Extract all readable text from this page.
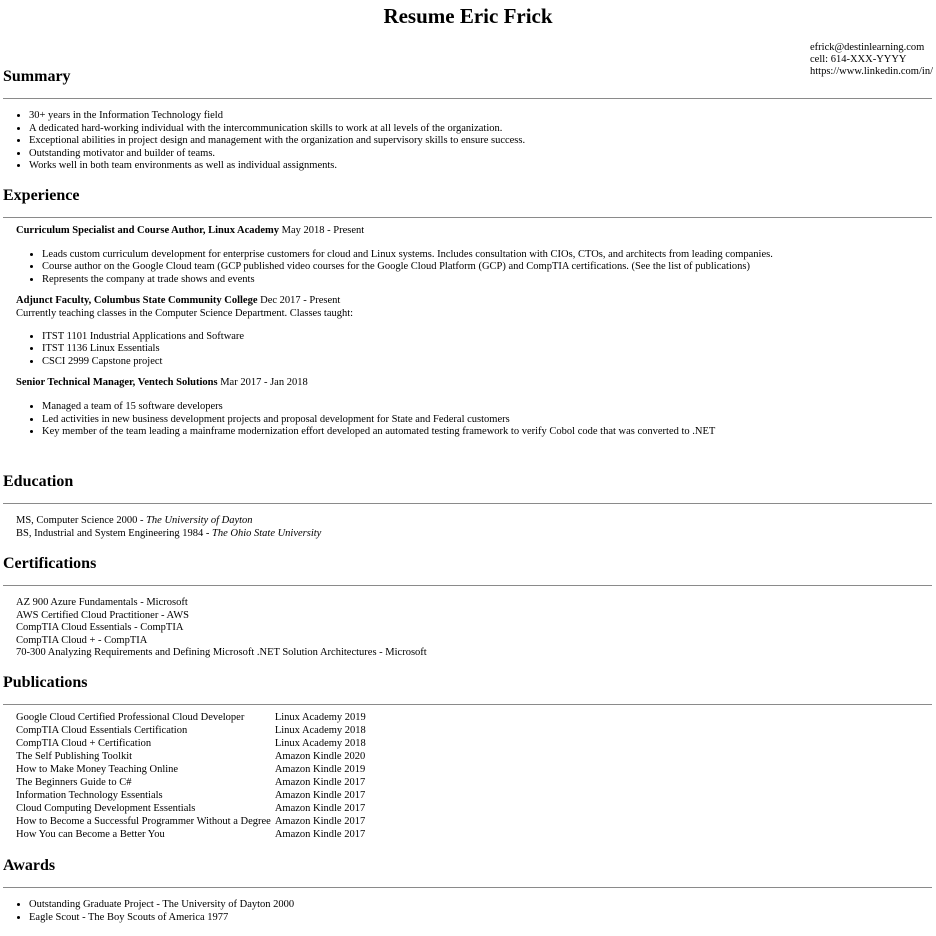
Resume Eric Frick
efrick@destinlearning.com
cell: 614-XXX-YYYY
https://www.linkedin.com/in/
Summary
• 30+ years in the Information Technology field
• A dedicated hard-working individual with the intercommunication skills to work at all levels of the organization.
• Exceptional abilities in project design and management with the organization and supervisory skills to ensure success.
• Outstanding motivator and builder of teams.
• Works well in both team environments as well as individual assignments.
Experience
Curriculum Specialist and Course Author, Linux Academy May 2018 - Present
• Leads custom curriculum development for enterprise customers for cloud and Linux systems. Includes consultation with CIOs, CTOs, and architects from leading companies.
• Course author on the Google Cloud team (GCP published video courses for the Google Cloud Platform (GCP) and CompTIA certifications. (See the list of publications)
• Represents the company at trade shows and events
Adjunct Faculty, Columbus State Community College Dec 2017 - Present
Currently teaching classes in the Computer Science Department. Classes taught:
• ITST 1101 Industrial Applications and Software
• ITST 1136 Linux Essentials
• CSCI 2999 Capstone project
Senior Technical Manager, Ventech Solutions Mar 2017 - Jan 2018
• Managed a team of 15 software developers
• Led activities in new business development projects and proposal development for State and Federal customers
• Key member of the team leading a mainframe modernization effort developed an automated testing framework to verify Cobol code that was converted to .NET
Education
MS, Computer Science 2000 - The University of Dayton
BS, Industrial and System Engineering 1984 - The Ohio State University
Certifications
AZ 900 Azure Fundamentals - Microsoft
AWS Certified Cloud Practitioner - AWS
CompTIA Cloud Essentials - CompTIA
CompTIA Cloud + - CompTIA
70-300 Analyzing Requirements and Defining Microsoft .NET Solution Architectures - Microsoft
Publications
Google Cloud Certified Professional Cloud Developer	Linux Academy 2019
CompTIA Cloud Essentials Certification	Linux Academy 2018
CompTIA Cloud + Certification	Linux Academy 2018
The Self Publishing Toolkit	Amazon Kindle 2020
How to Make Money Teaching Online	Amazon Kindle 2019
The Beginners Guide to C#	Amazon Kindle 2017
Information Technology Essentials	Amazon Kindle 2017
Cloud Computing Development Essentials	Amazon Kindle 2017
How to Become a Successful Programmer Without a Degree	Amazon Kindle 2017
How You can Become a Better You	Amazon Kindle 2017
Awards
• Outstanding Graduate Project - The University of Dayton 2000
• Eagle Scout - The Boy Scouts of America 1977
